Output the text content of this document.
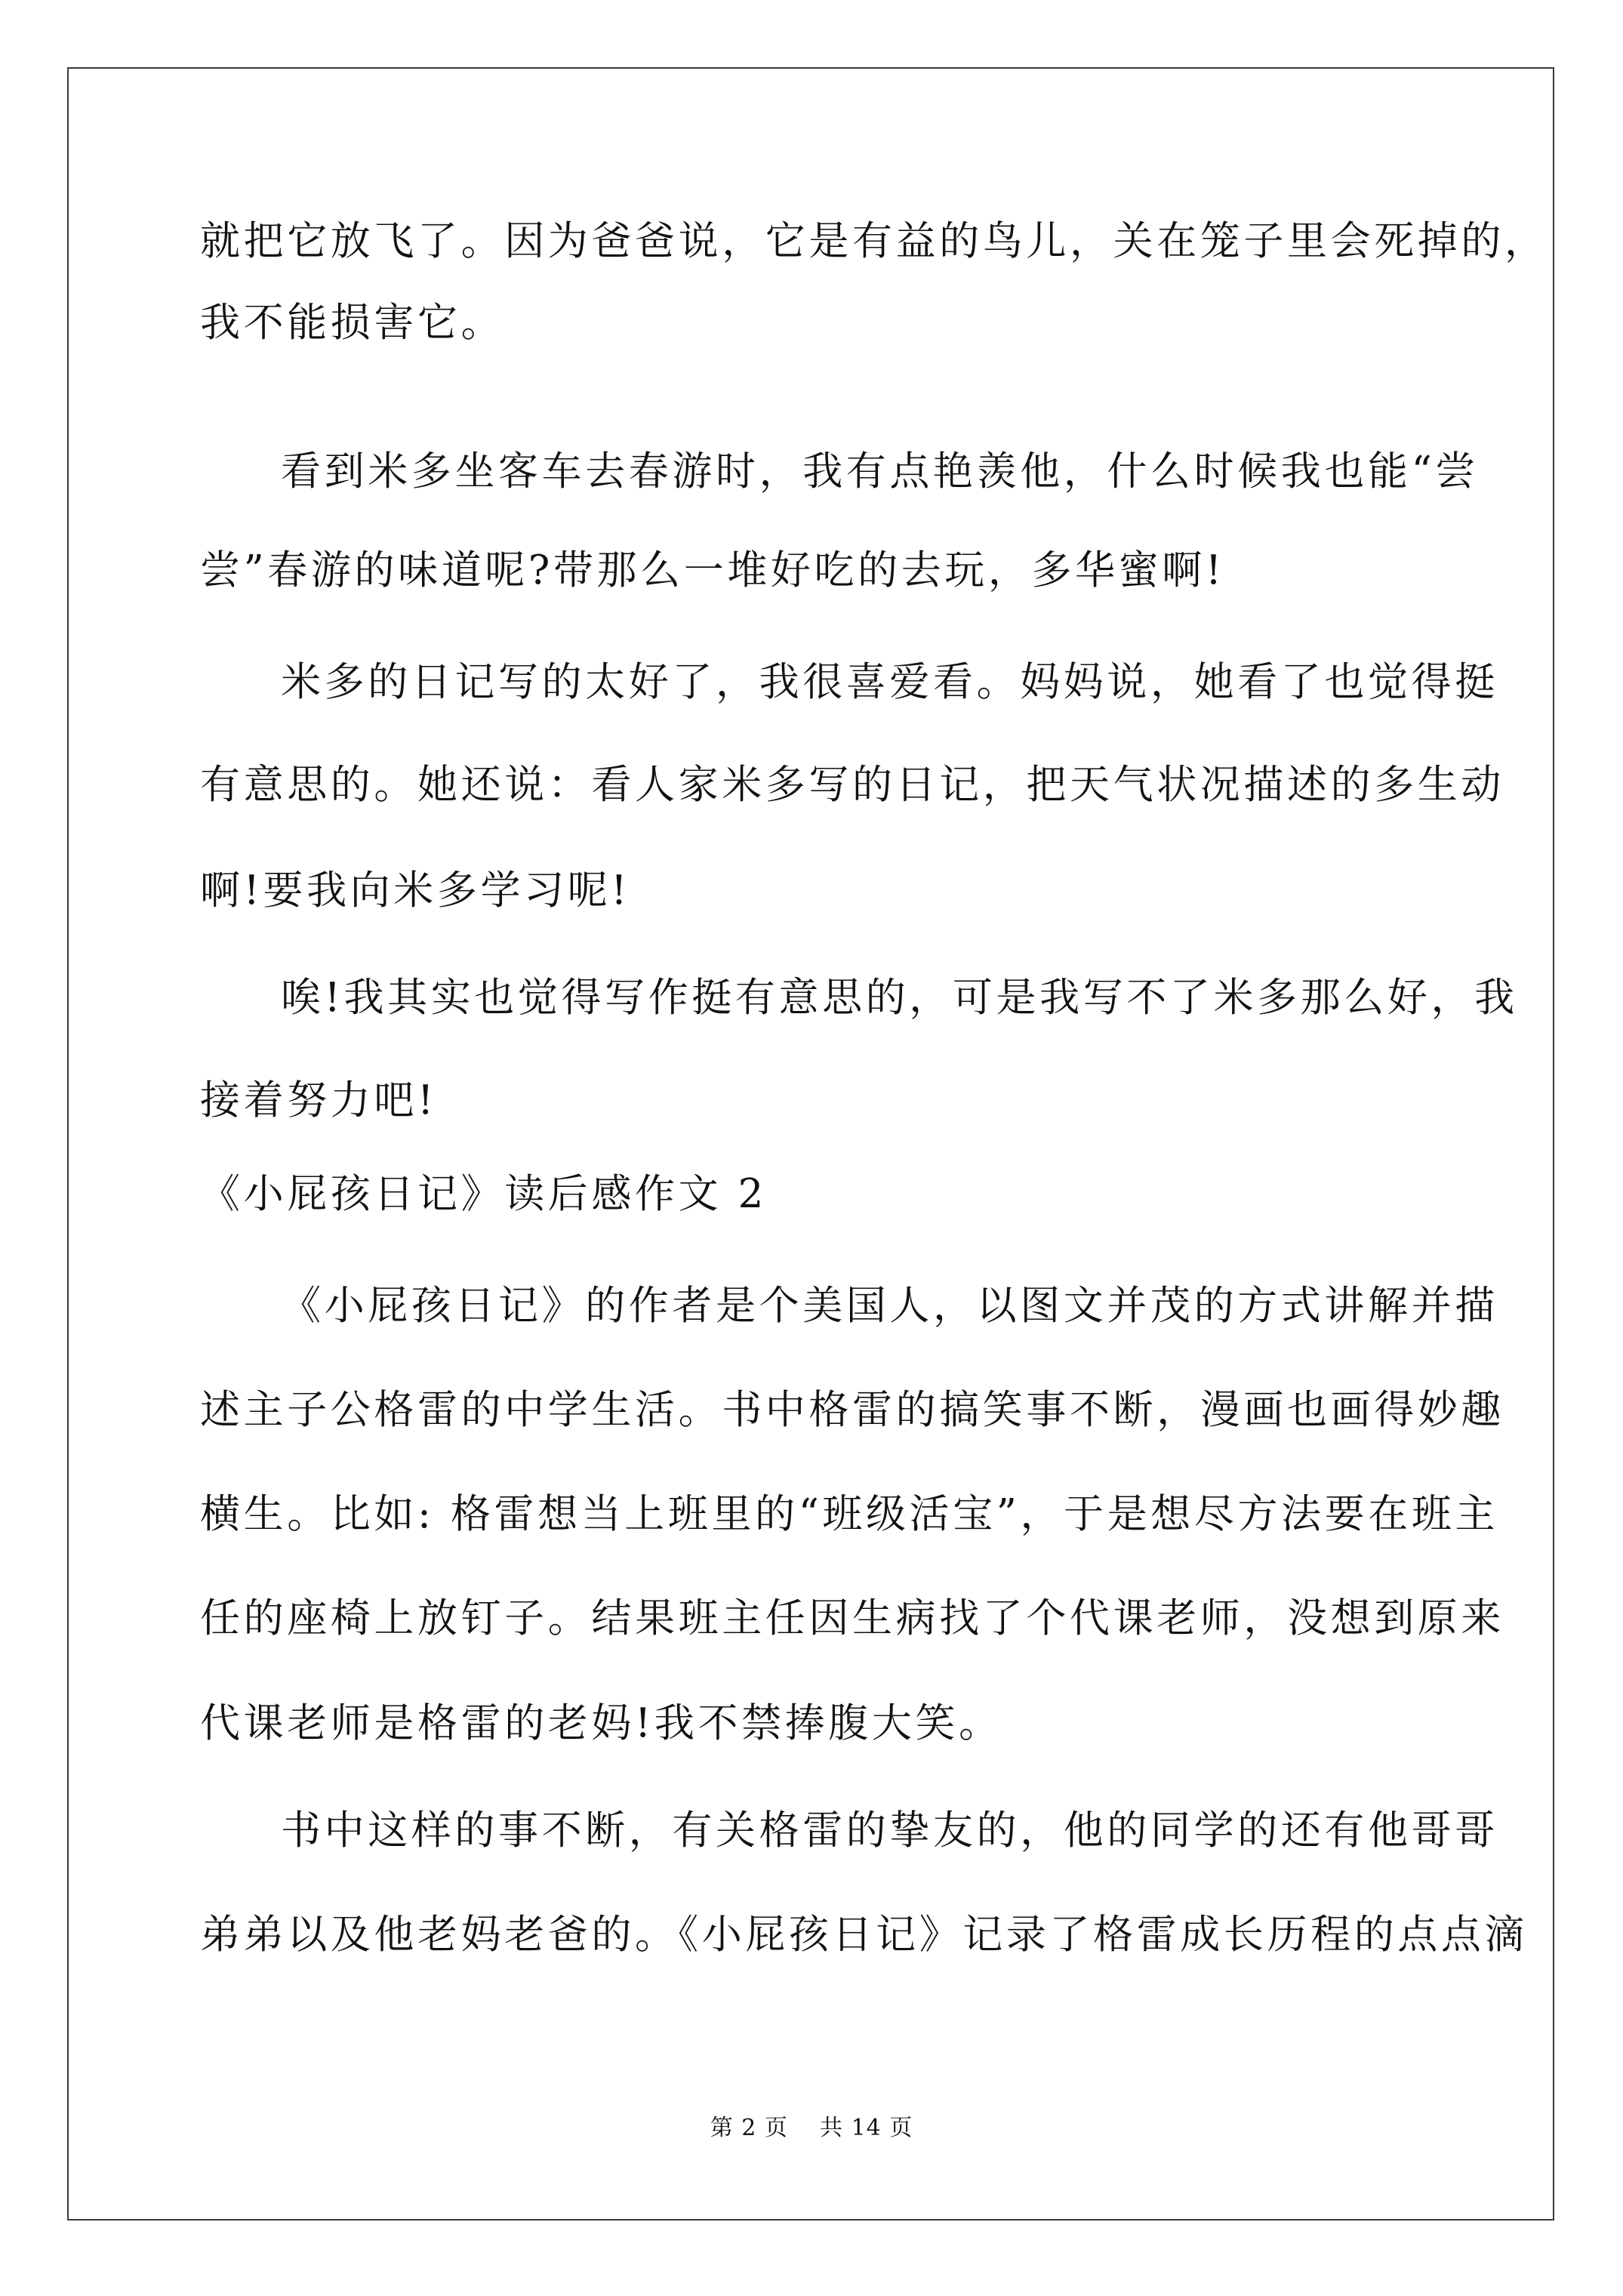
就把它放飞了。因为爸爸说，它是有益的鸟儿，关在笼子里会死掉的，
我不能损害它。
看到米多坐客车去春游时，我有点艳羡他，什么时候我也能“尝
尝”春游的味道呢?带那么一堆好吃的去玩，多华蜜啊!
米多的日记写的太好了，我很喜爱看。妈妈说，她看了也觉得挺
有意思的。她还说：看人家米多写的日记，把天气状况描述的多生动
啊!要我向米多学习呢!
唉!我其实也觉得写作挺有意思的，可是我写不了米多那么好，我
接着努力吧!
《小屁孩日记》读后感作文 2
《小屁孩日记》的作者是个美国人，以图文并茂的方式讲解并描
述主子公格雷的中学生活。书中格雷的搞笑事不断，漫画也画得妙趣
横生。比如: 格雷想当上班里的“班级活宝”，于是想尽方法要在班主
任的座椅上放钉子。结果班主任因生病找了个代课老师，没想到原来
代课老师是格雷的老妈!我不禁捧腹大笑。
书中这样的事不断，有关格雷的挚友的，他的同学的还有他哥哥
弟弟以及他老妈老爸的。《小屁孩日记》记录了格雷成长历程的点点滴
第 2 页 共 14 页
